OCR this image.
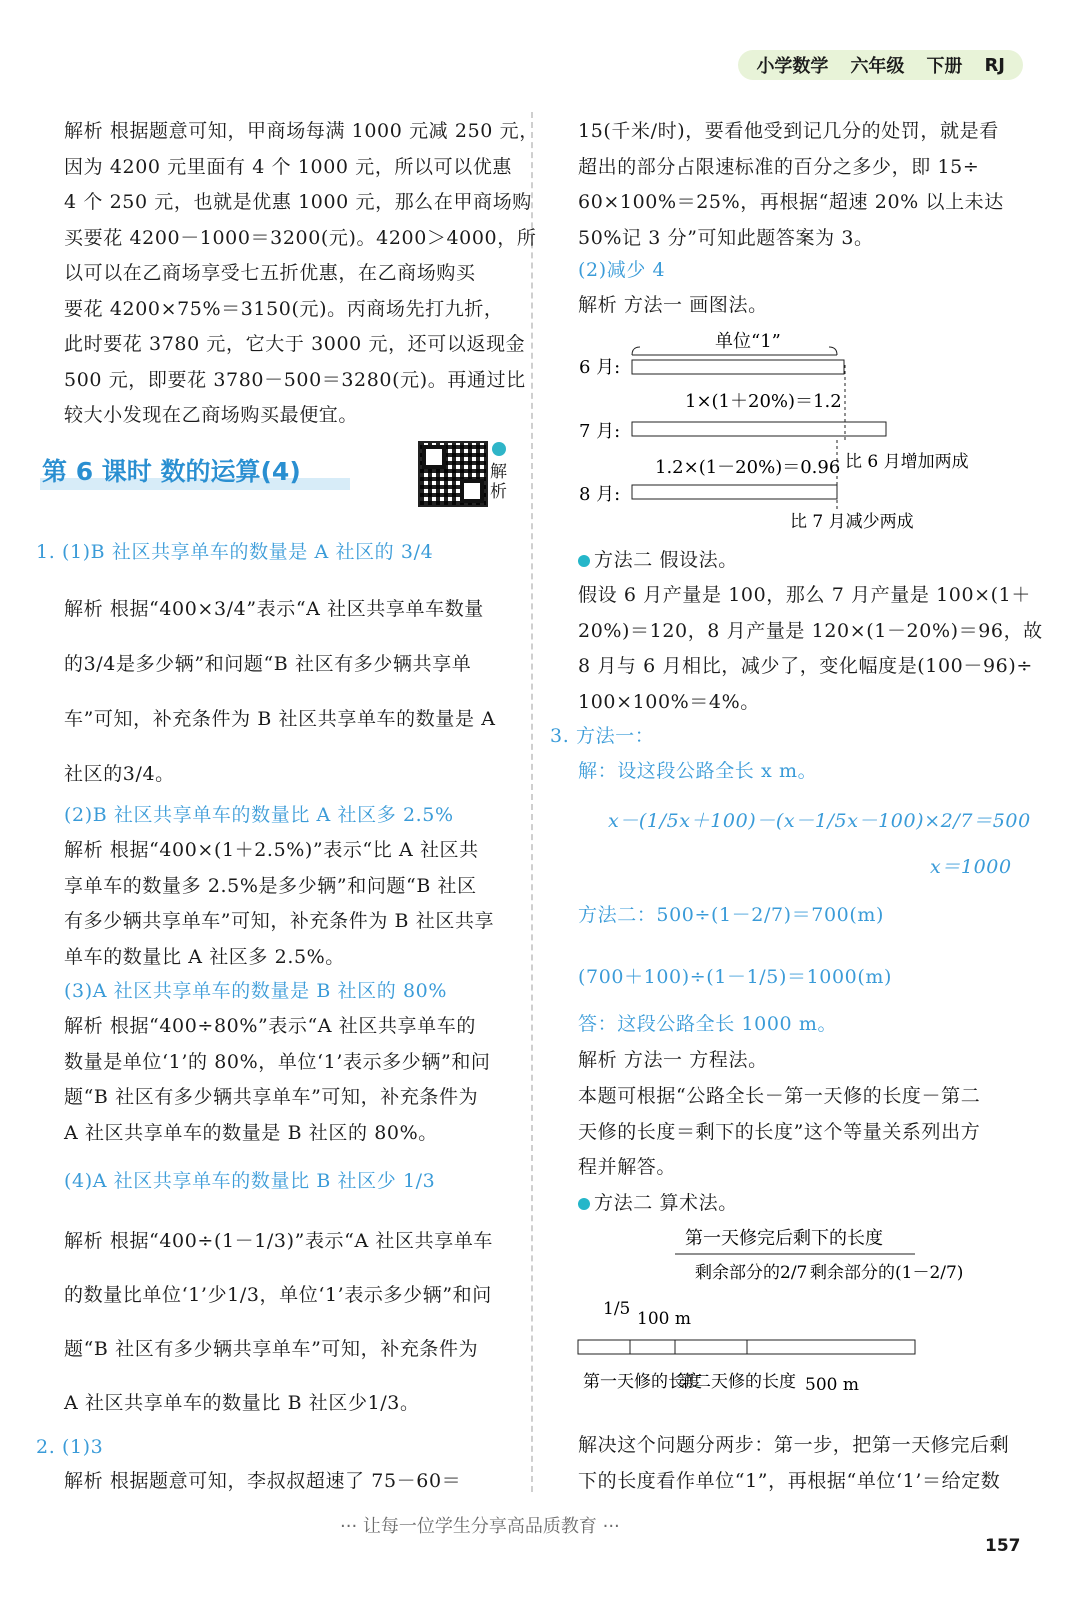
小学数学 六年级 下册 RJ
解析 根据题意可知，甲商场每满 1000 元减 250 元，
因为 4200 元里面有 4 个 1000 元，所以可以优惠
4 个 250 元，也就是优惠 1000 元，那么在甲商场购
买要花 4200－1000＝3200(元)。4200＞4000，所
以可以在乙商场享受七五折优惠，在乙商场购买
要花 4200×75%＝3150(元)。丙商场先打九折，
此时要花 3780 元，它大于 3000 元，还可以返现金
500 元，即要花 3780－500＝3280(元)。再通过比
较大小发现在乙商场购买最便宜。
第 6 课时 数的运算(4)	解析
1. (1)B 社区共享单车的数量是 A 社区的 3/4
解析 根据“400×3/4”表示“A 社区共享单车数量
的3/4是多少辆”和问题“B 社区有多少辆共享单
车”可知，补充条件为 B 社区共享单车的数量是 A
社区的3/4。
(2)B 社区共享单车的数量比 A 社区多 2.5%
解析 根据“400×(1＋2.5%)”表示“比 A 社区共
享单车的数量多 2.5%是多少辆”和问题“B 社区
有多少辆共享单车”可知，补充条件为 B 社区共享
单车的数量比 A 社区多 2.5%。
(3)A 社区共享单车的数量是 B 社区的 80%
解析 根据“400÷80%”表示“A 社区共享单车的
数量是单位‘1’的 80%，单位‘1’表示多少辆”和问
题“B 社区有多少辆共享单车”可知，补充条件为
A 社区共享单车的数量是 B 社区的 80%。
(4)A 社区共享单车的数量比 B 社区少 1/3
解析 根据“400÷(1－1/3)”表示“A 社区共享单车
的数量比单位‘1’少1/3，单位‘1’表示多少辆”和问
题“B 社区有多少辆共享单车”可知，补充条件为
A 社区共享单车的数量比 B 社区少1/3。
2. (1)3
解析 根据题意可知，李叔叔超速了 75－60＝
15(千米/时)，要看他受到记几分的处罚，就是看
超出的部分占限速标准的百分之多少，即 15÷
60×100%＝25%，再根据“超速 20% 以上未达
50%记 3 分”可知此题答案为 3。
(2)减少 4
解析 方法一 画图法。
单位“1”
6 月:
1×(1＋20%)＝1.2
7 月:
1.2×(1－20%)＝0.96
8 月:
比 6 月增加两成
比 7 月减少两成
方法二 假设法。
假设 6 月产量是 100，那么 7 月产量是 100×(1＋
20%)＝120，8 月产量是 120×(1－20%)＝96，故
8 月与 6 月相比，减少了，变化幅度是(100－96)÷
100×100%＝4%。
3. 方法一：
解：设这段公路全长 x m。
x－(1/5x＋100)－(x－1/5x－100)×2/7＝500
x＝1000
方法二：500÷(1－2/7)＝700(m)
(700＋100)÷(1－1/5)＝1000(m)
答：这段公路全长 1000 m。
解析 方法一 方程法。
本题可根据“公路全长－第一天修的长度－第二
天修的长度＝剩下的长度”这个等量关系列出方
程并解答。
方法二 算术法。
第一天修完后剩下的长度
剩余部分的2/7 剩余部分的(1－2/7)
1/5 100 m
500 m
第一天修的长度
第二天修的长度
解决这个问题分两步：第一步，把第一天修完后剩
下的长度看作单位“1”，再根据“单位‘1’＝给定数
··· 让每一位学生分享高品质教育 ···
157
